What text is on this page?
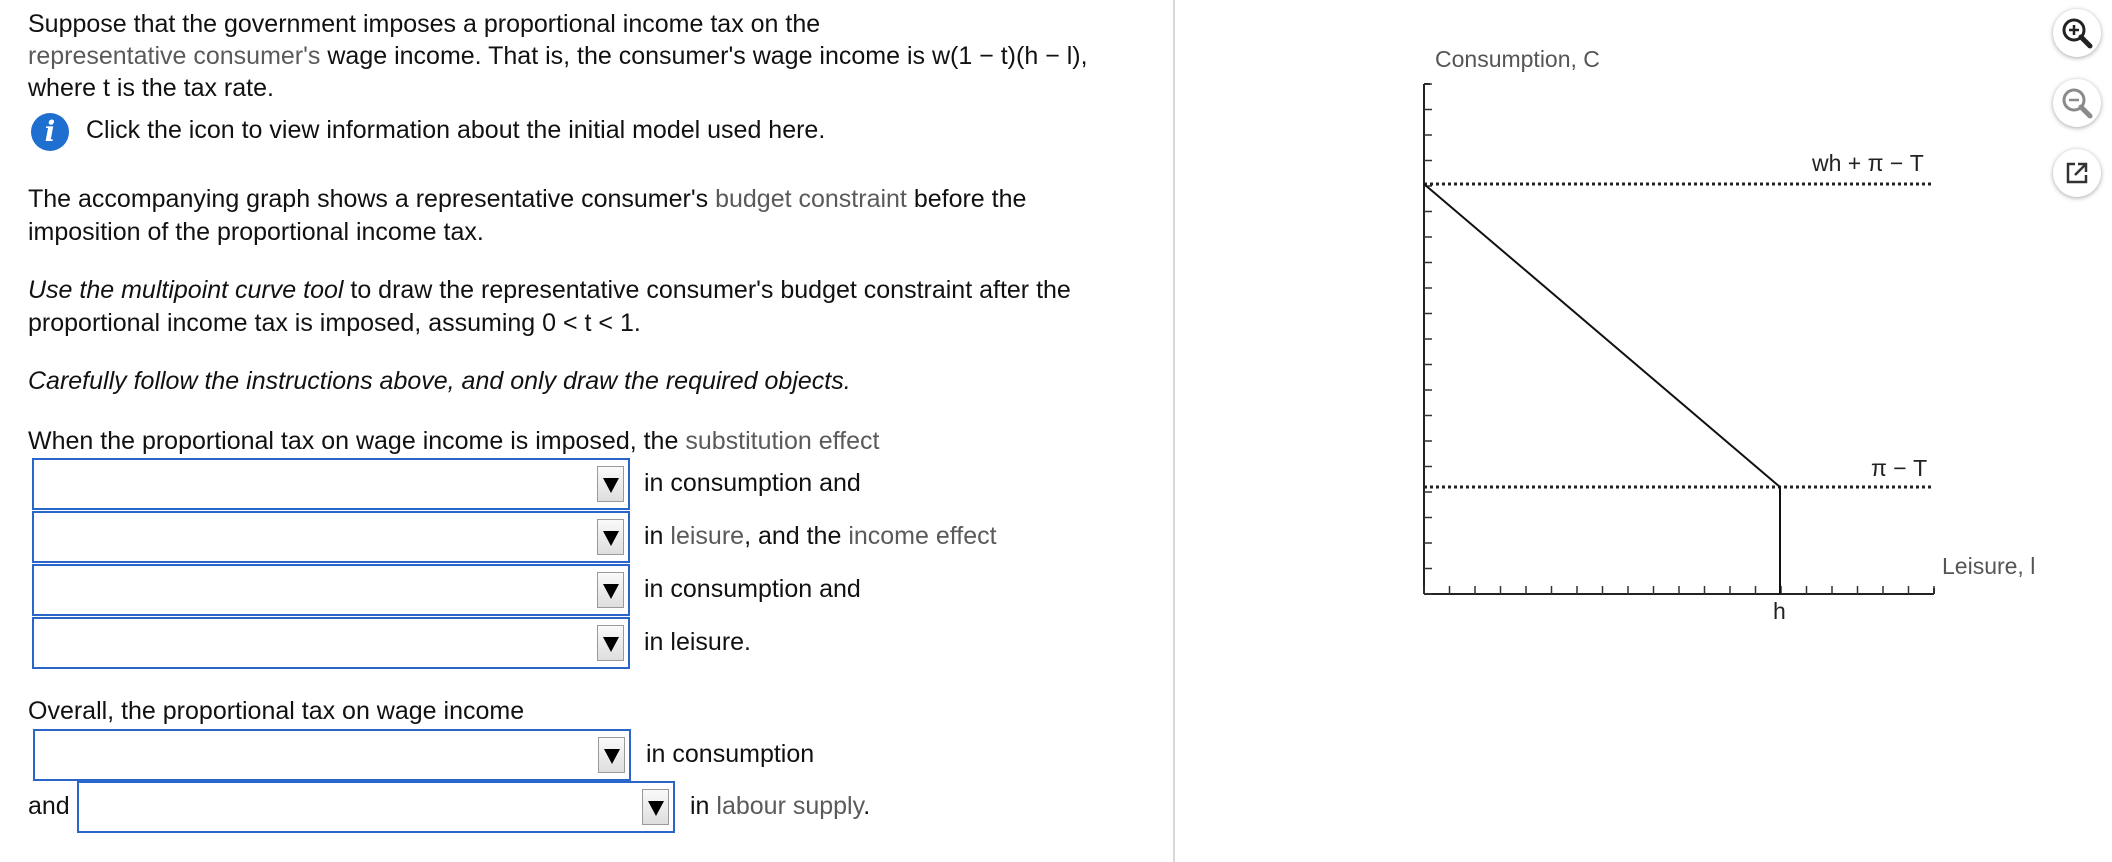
Suppose that the government imposes a proportional income tax on the
representative consumer's wage income. That is, the consumer's wage income is w(1 − t)(h − l),
where t is the tax rate.
i	Click the icon to view information about the initial model used here.
The accompanying graph shows a representative consumer's budget constraint before the
imposition of the proportional income tax.
Use the multipoint curve tool to draw the representative consumer's budget constraint after the
proportional income tax is imposed, assuming 0 < t < 1.
Carefully follow the instructions above, and only draw the required objects.
When the proportional tax on wage income is imposed, the substitution effect
in consumption and
in leisure, and the income effect
in consumption and
in leisure.
Overall, the proportional tax on wage income
in consumption
and	in labour supply.
Consumption, C
Leisure, l
wh + π − T
π − T
h
